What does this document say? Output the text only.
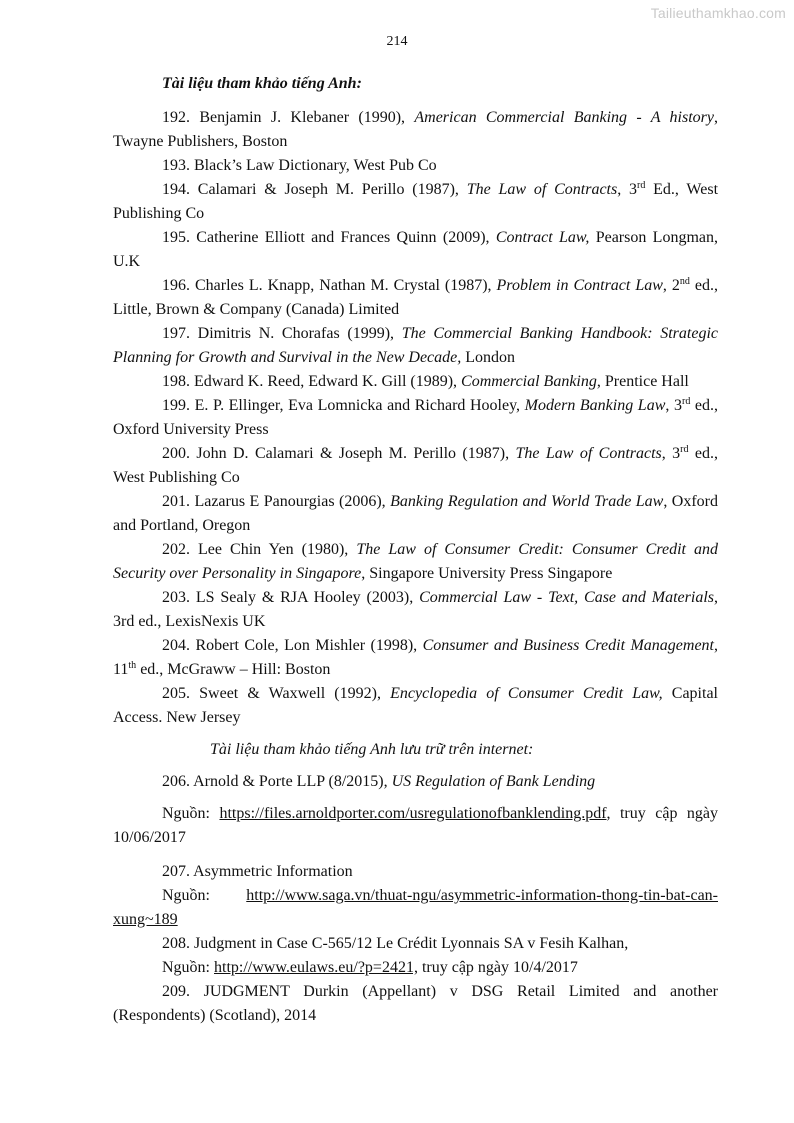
Tailieuthamkhao.com
214

Tài liệu tham khảo tiếng Anh:

192. Benjamin J. Klebaner (1990), American Commercial Banking - A history, Twayne Publishers, Boston

193. Black’s Law Dictionary, West Pub Co

194. Calamari & Joseph M. Perillo (1987), The Law of Contracts, 3rd Ed., West Publishing Co

195. Catherine Elliott and Frances Quinn (2009), Contract Law, Pearson Longman, U.K

196. Charles L. Knapp, Nathan M. Crystal (1987), Problem in Contract Law, 2nd ed., Little, Brown & Company (Canada) Limited

197. Dimitris N. Chorafas (1999), The Commercial Banking Handbook: Strategic Planning for Growth and Survival in the New Decade, London

198. Edward K. Reed, Edward K. Gill (1989), Commercial Banking, Prentice Hall

199. E. P. Ellinger, Eva Lomnicka and Richard Hooley, Modern Banking Law, 3rd ed., Oxford University Press

200. John D. Calamari & Joseph M. Perillo (1987), The Law of Contracts, 3rd ed., West Publishing Co

201. Lazarus E Panourgias (2006), Banking Regulation and World Trade Law, Oxford and Portland, Oregon

202. Lee Chin Yen (1980), The Law of Consumer Credit: Consumer Credit and Security over Personality in Singapore, Singapore University Press Singapore

203. LS Sealy & RJA Hooley (2003), Commercial Law - Text, Case and Materials, 3rd ed., LexisNexis UK

204. Robert Cole, Lon Mishler (1998), Consumer and Business Credit Management, 11th ed., McGraww – Hill: Boston

205. Sweet & Waxwell (1992), Encyclopedia of Consumer Credit Law, Capital Access. New Jersey

Tài liệu tham khảo tiếng Anh lưu trữ trên internet:

206. Arnold & Porte LLP (8/2015), US Regulation of Bank Lending

Nguồn: https://files.arnoldporter.com/usregulationofbanklending.pdf, truy cập ngày 10/06/2017

207. Asymmetric Information

Nguồn: http://www.saga.vn/thuat-ngu/asymmetric-information-thong-tin-bat-can-xung~189

208. Judgment in Case C-565/12 Le Crédit Lyonnais SA v Fesih Kalhan,

Nguồn: http://www.eulaws.eu/?p=2421, truy cập ngày 10/4/2017

209. JUDGMENT Durkin (Appellant) v DSG Retail Limited and another (Respondents) (Scotland), 2014
